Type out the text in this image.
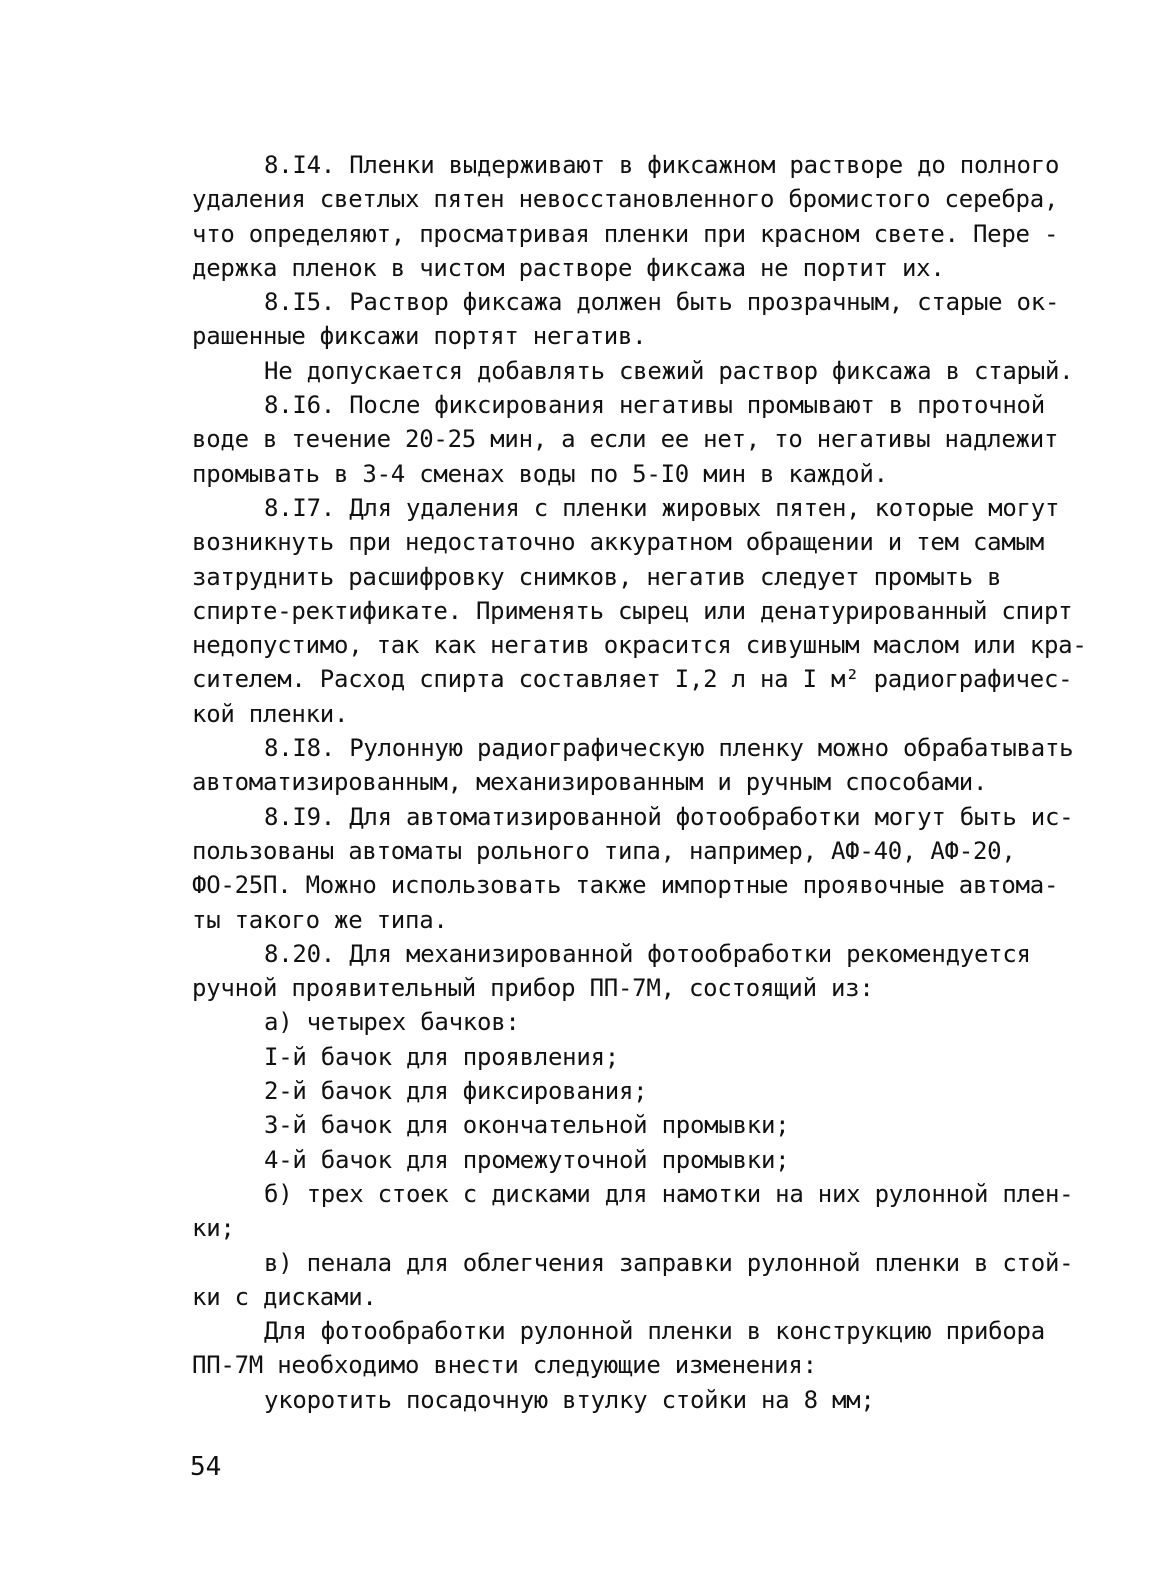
8.I4. Пленки выдерживают в фиксажном растворе до полного
удаления светлых пятен невосстановленного бромистого серебра,
что определяют, просматривая пленки при красном свете. Пере -
держка пленок в чистом растворе фиксажа не портит их.
8.I5. Раствор фиксажа должен быть прозрачным, старые ок-
рашенные фиксажи портят негатив.
Не допускается добавлять свежий раствор фиксажа в старый.
8.I6. После фиксирования негативы промывают в проточной
воде в течение 20-25 мин, а если ее нет, то негативы надлежит
промывать в 3-4 сменах воды по 5-I0 мин в каждой.
8.I7. Для удаления с пленки жировых пятен, которые могут
возникнуть при недостаточно аккуратном обращении и тем самым
затруднить расшифровку снимков, негатив следует промыть в
спирте-ректификате. Применять сырец или денатурированный спирт
недопустимо, так как негатив окрасится сивушным маслом или кра-
сителем. Расход спирта составляет I,2 л на I м² радиографичес-
кой пленки.
8.I8. Рулонную радиографическую пленку можно обрабатывать
автоматизированным, механизированным и ручным способами.
8.I9. Для автоматизированной фотообработки могут быть ис-
пользованы автоматы рольного типа, например, АФ-40, АФ-20,
ФО-25П. Можно использовать также импортные проявочные автома-
ты такого же типа.
8.20. Для механизированной фотообработки рекомендуется
ручной проявительный прибор ПП-7М, состоящий из:
а) четырех бачков:
I-й бачок для проявления;
2-й бачок для фиксирования;
3-й бачок для окончательной промывки;
4-й бачок для промежуточной промывки;
б) трех стоек с дисками для намотки на них рулонной плен-
ки;
в) пенала для облегчения заправки рулонной пленки в стой-
ки с дисками.
Для фотообработки рулонной пленки в конструкцию прибора
ПП-7М необходимо внести следующие изменения:
укоротить посадочную втулку стойки на 8 мм;
54
